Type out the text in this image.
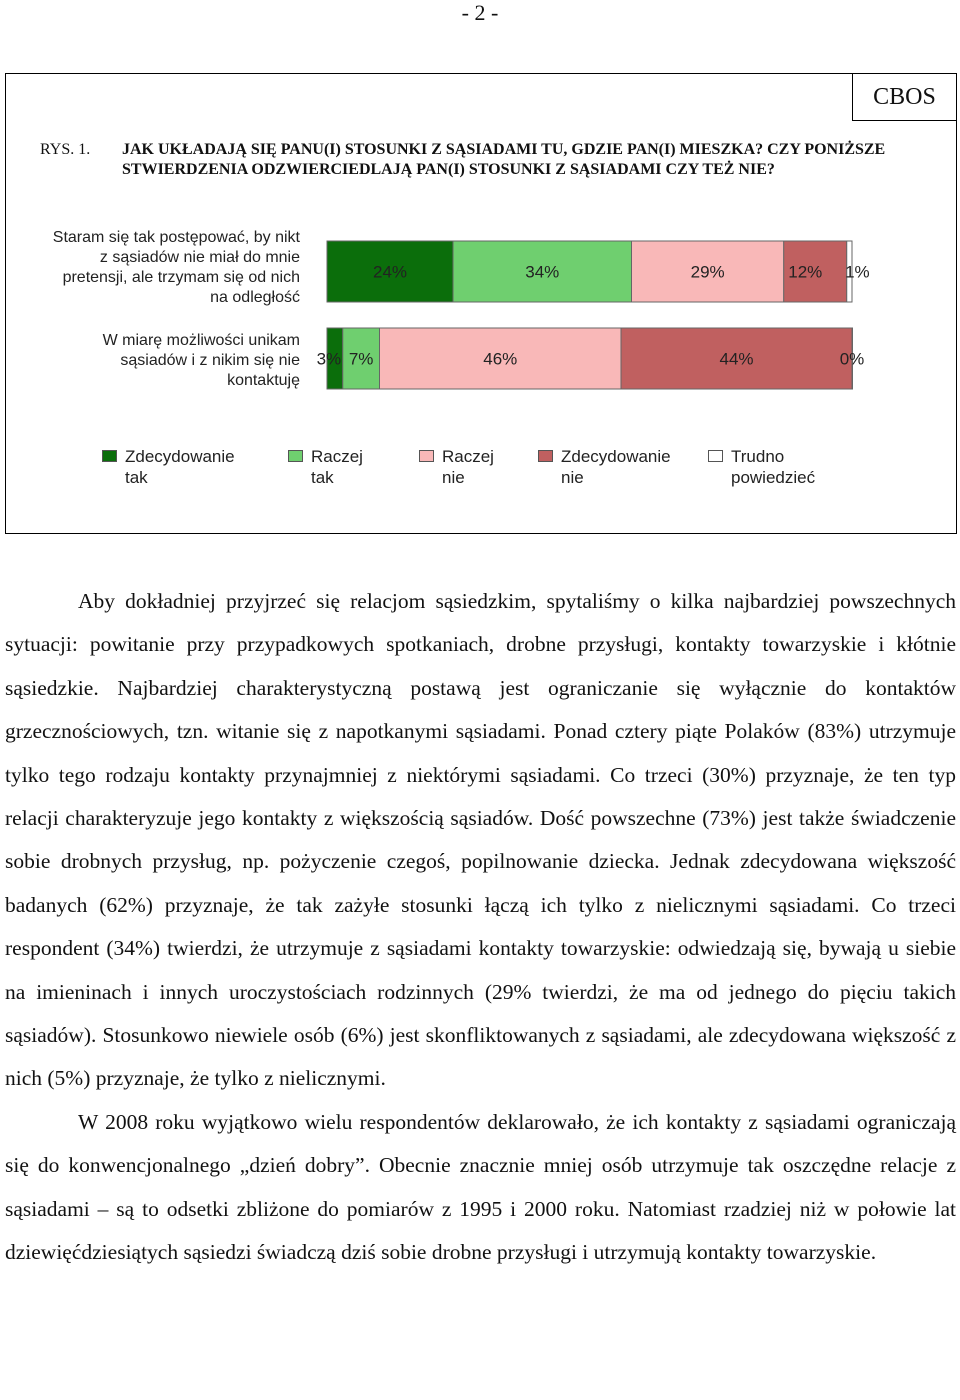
- 2 -
CBOS
RYS. 1. JAK UKŁADAJĄ SIĘ PANU(I) STOSUNKI Z SĄSIADAMI TU, GDZIE PAN(I) MIESZKA? CZY PONIŻSZE STWIERDZENIA ODZWIERCIEDLAJĄ PAN(I) STOSUNKI Z SĄSIADAMI CZY TEŻ NIE?
Staram się tak postępować, by nikt z sąsiadów nie miał do mnie pretensji, ale trzymam się od nich na odległość
W miarę możliwości unikam sąsiadów i z nikim się nie kontaktuję
24%	34%	29%	12% 1%
3% 7%	46%	44%	0%
Zdecydowanie
tak
Raczej
tak
Raczej
nie
Zdecydowanie
nie
Trudno
powiedzieć

Aby dokładniej przyjrzeć się relacjom sąsiedzkim, spytaliśmy o kilka najbardziej powszechnych sytuacji: powitanie przy przypadkowych spotkaniach, drobne przysługi, kontakty towarzyskie i kłótnie sąsiedzkie. Najbardziej charakterystyczną postawą jest ograniczanie się wyłącznie do kontaktów grzecznościowych, tzn. witanie się z napotkanymi sąsiadami. Ponad cztery piąte Polaków (83%) utrzymuje tylko tego rodzaju kontakty przynajmniej z niektórymi sąsiadami. Co trzeci (30%) przyznaje, że ten typ relacji charakteryzuje jego kontakty z większością sąsiadów. Dość powszechne (73%) jest także świadczenie sobie drobnych przysług, np. pożyczenie czegoś, popilnowanie dziecka. Jednak zdecydowana większość badanych (62%) przyznaje, że tak zażyłe stosunki łączą ich tylko z nielicznymi sąsiadami. Co trzeci respondent (34%) twierdzi, że utrzymuje z sąsiadami kontakty towarzyskie: odwiedzają się, bywają u siebie na imieninach i innych uroczystościach rodzinnych (29% twierdzi, że ma od jednego do pięciu takich sąsiadów). Stosunkowo niewiele osób (6%) jest skonfliktowanych z sąsiadami, ale zdecydowana większość z nich (5%) przyznaje, że tylko z nielicznymi.

W 2008 roku wyjątkowo wielu respondentów deklarowało, że ich kontakty z sąsiadami ograniczają się do konwencjonalnego „dzień dobry”. Obecnie znacznie mniej osób utrzymuje tak oszczędne relacje z sąsiadami – są to odsetki zbliżone do pomiarów z 1995 i 2000 roku. Natomiast rzadziej niż w połowie lat dziewięćdziesiątych sąsiedzi świadczą dziś sobie drobne przysługi i utrzymują kontakty towarzyskie.
